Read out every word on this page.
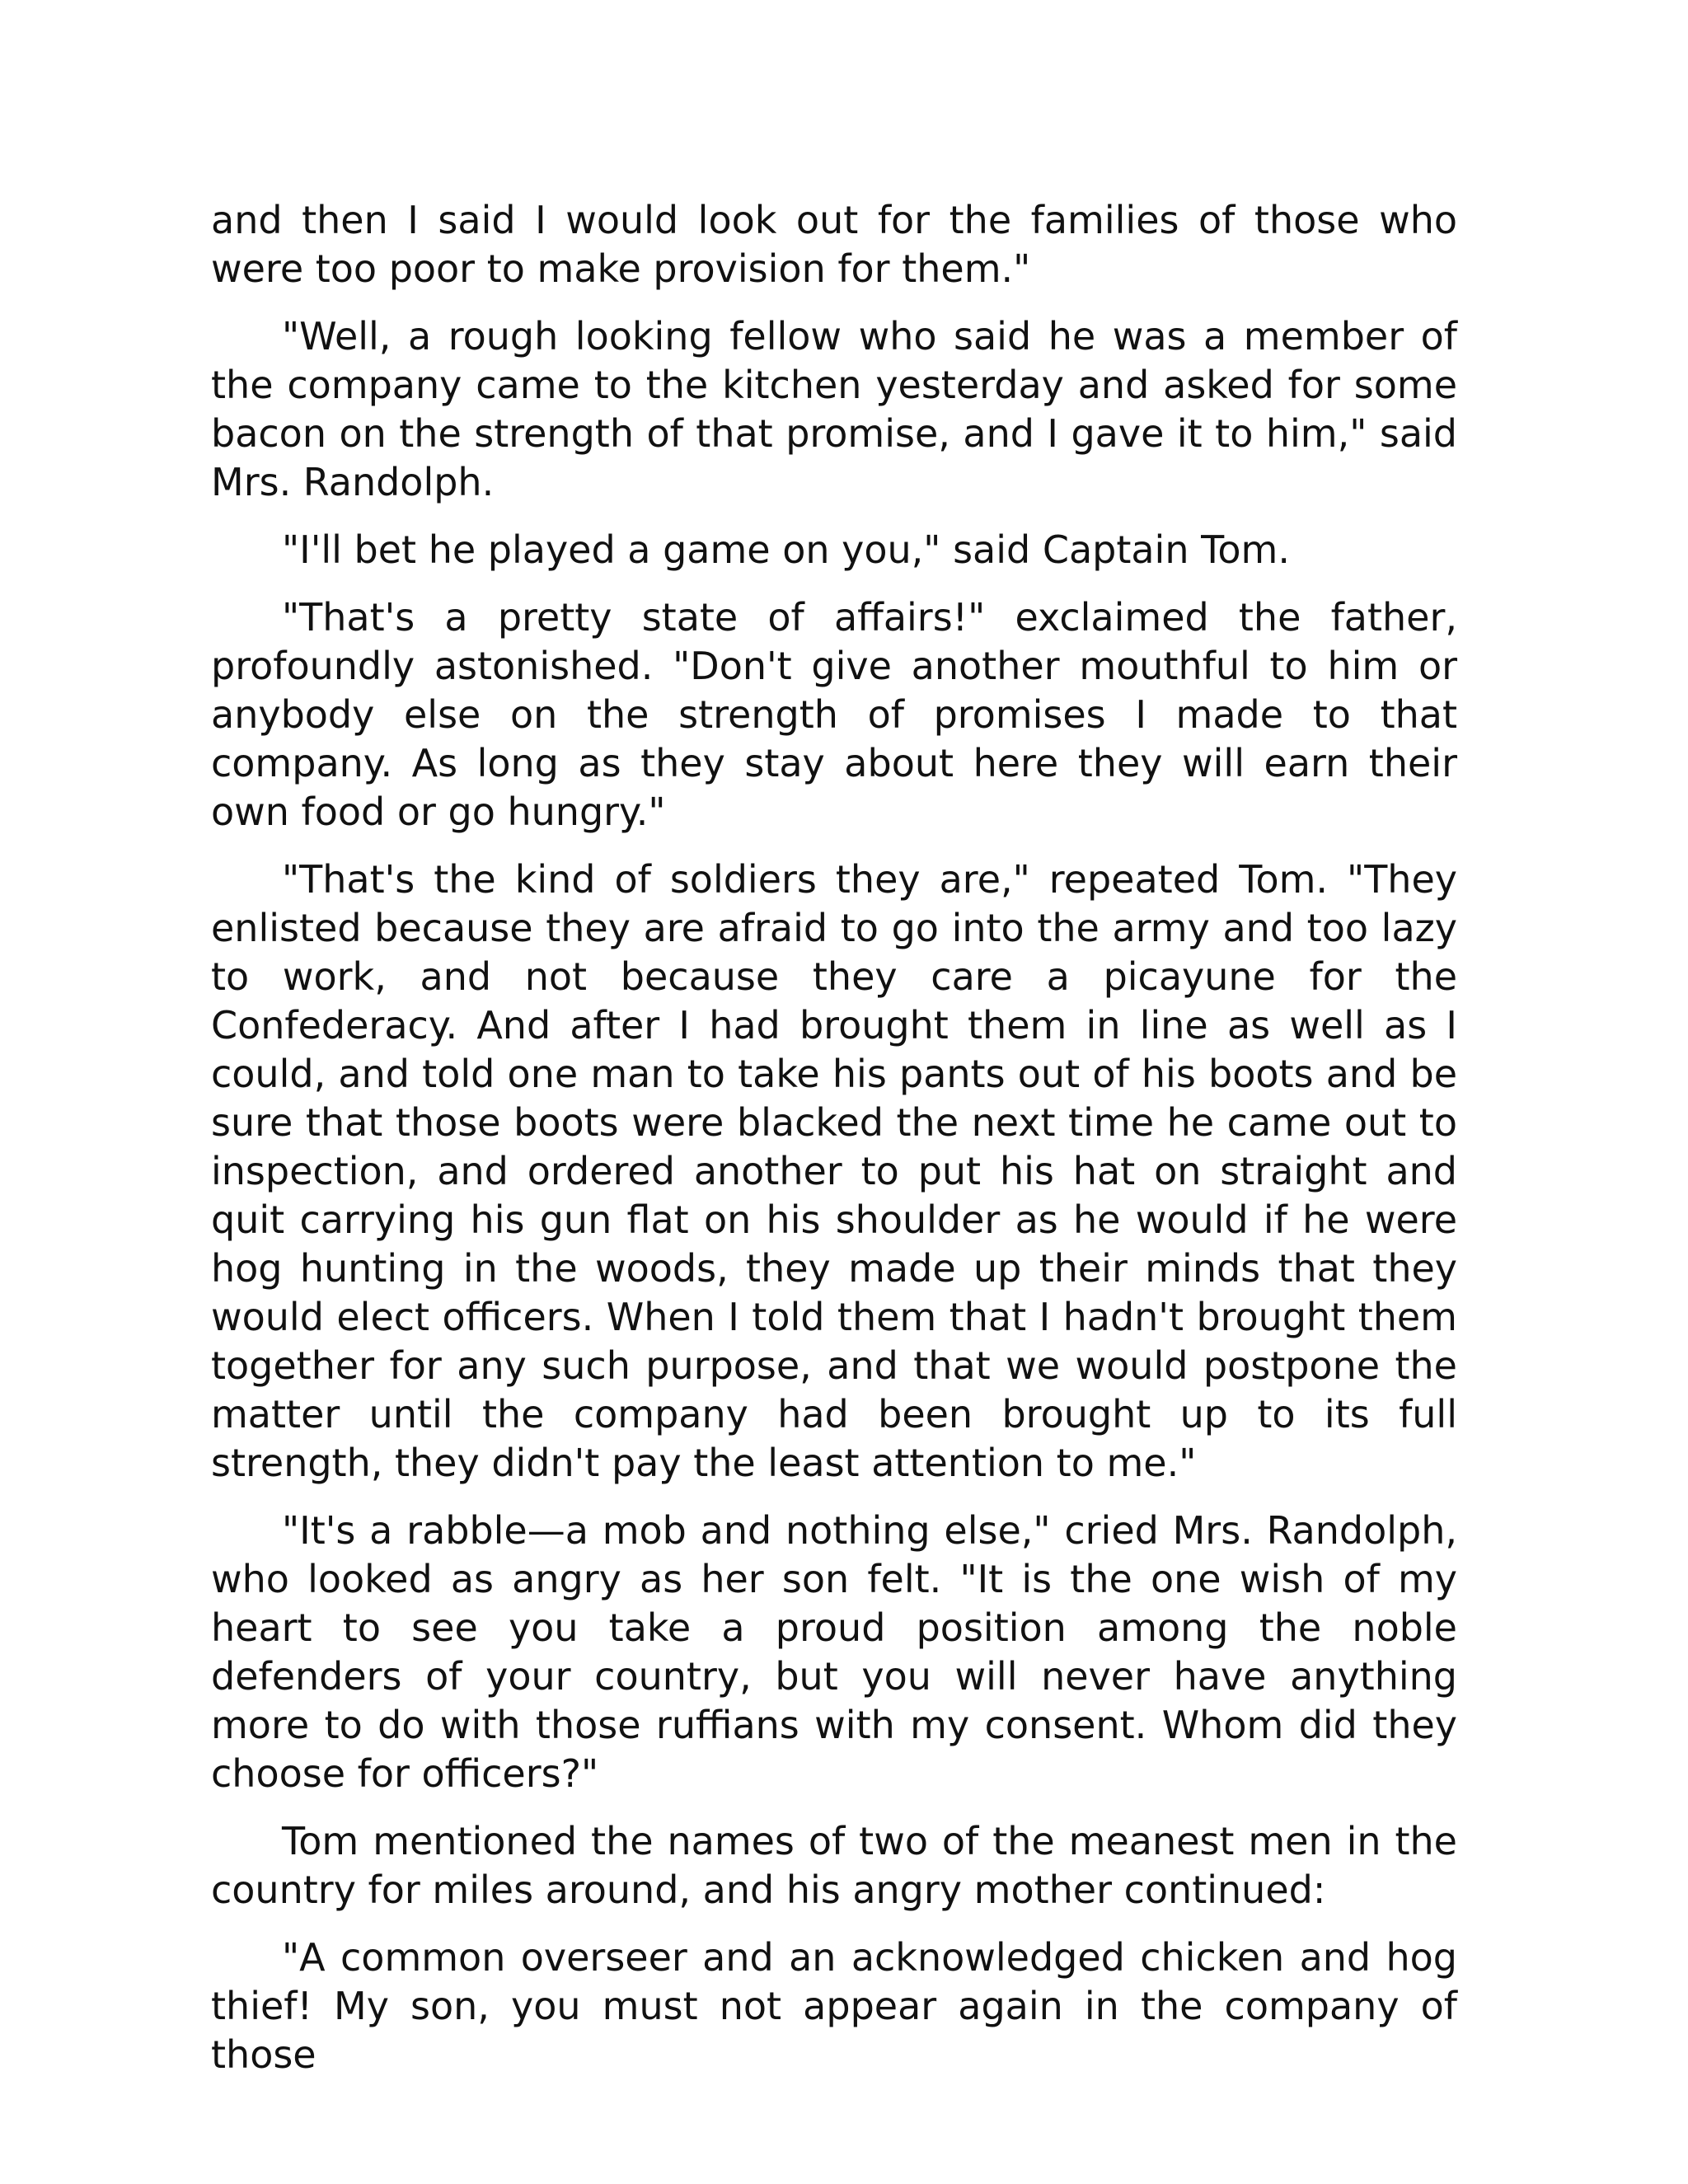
and then I said I would look out for the families of those who were too poor to make provision for them."

"Well, a rough looking fellow who said he was a member of the company came to the kitchen yesterday and asked for some bacon on the strength of that promise, and I gave it to him," said Mrs. Randolph.

"I'll bet he played a game on you," said Captain Tom.

"That's a pretty state of affairs!" exclaimed the father, profoundly astonished. "Don't give another mouthful to him or anybody else on the strength of promises I made to that company. As long as they stay about here they will earn their own food or go hungry."

"That's the kind of soldiers they are," repeated Tom. "They enlisted because they are afraid to go into the army and too lazy to work, and not because they care a picayune for the Confederacy. And after I had brought them in line as well as I could, and told one man to take his pants out of his boots and be sure that those boots were blacked the next time he came out to inspection, and ordered another to put his hat on straight and quit carrying his gun flat on his shoulder as he would if he were hog hunting in the woods, they made up their minds that they would elect officers. When I told them that I hadn't brought them together for any such purpose, and that we would postpone the matter until the company had been brought up to its full strength, they didn't pay the least attention to me."

"It's a rabble—a mob and nothing else," cried Mrs. Randolph, who looked as angry as her son felt. "It is the one wish of my heart to see you take a proud position among the noble defenders of your country, but you will never have anything more to do with those ruffians with my consent. Whom did they choose for officers?"

Tom mentioned the names of two of the meanest men in the country for miles around, and his angry mother continued:

"A common overseer and an acknowledged chicken and hog thief! My son, you must not appear again in the company of those
